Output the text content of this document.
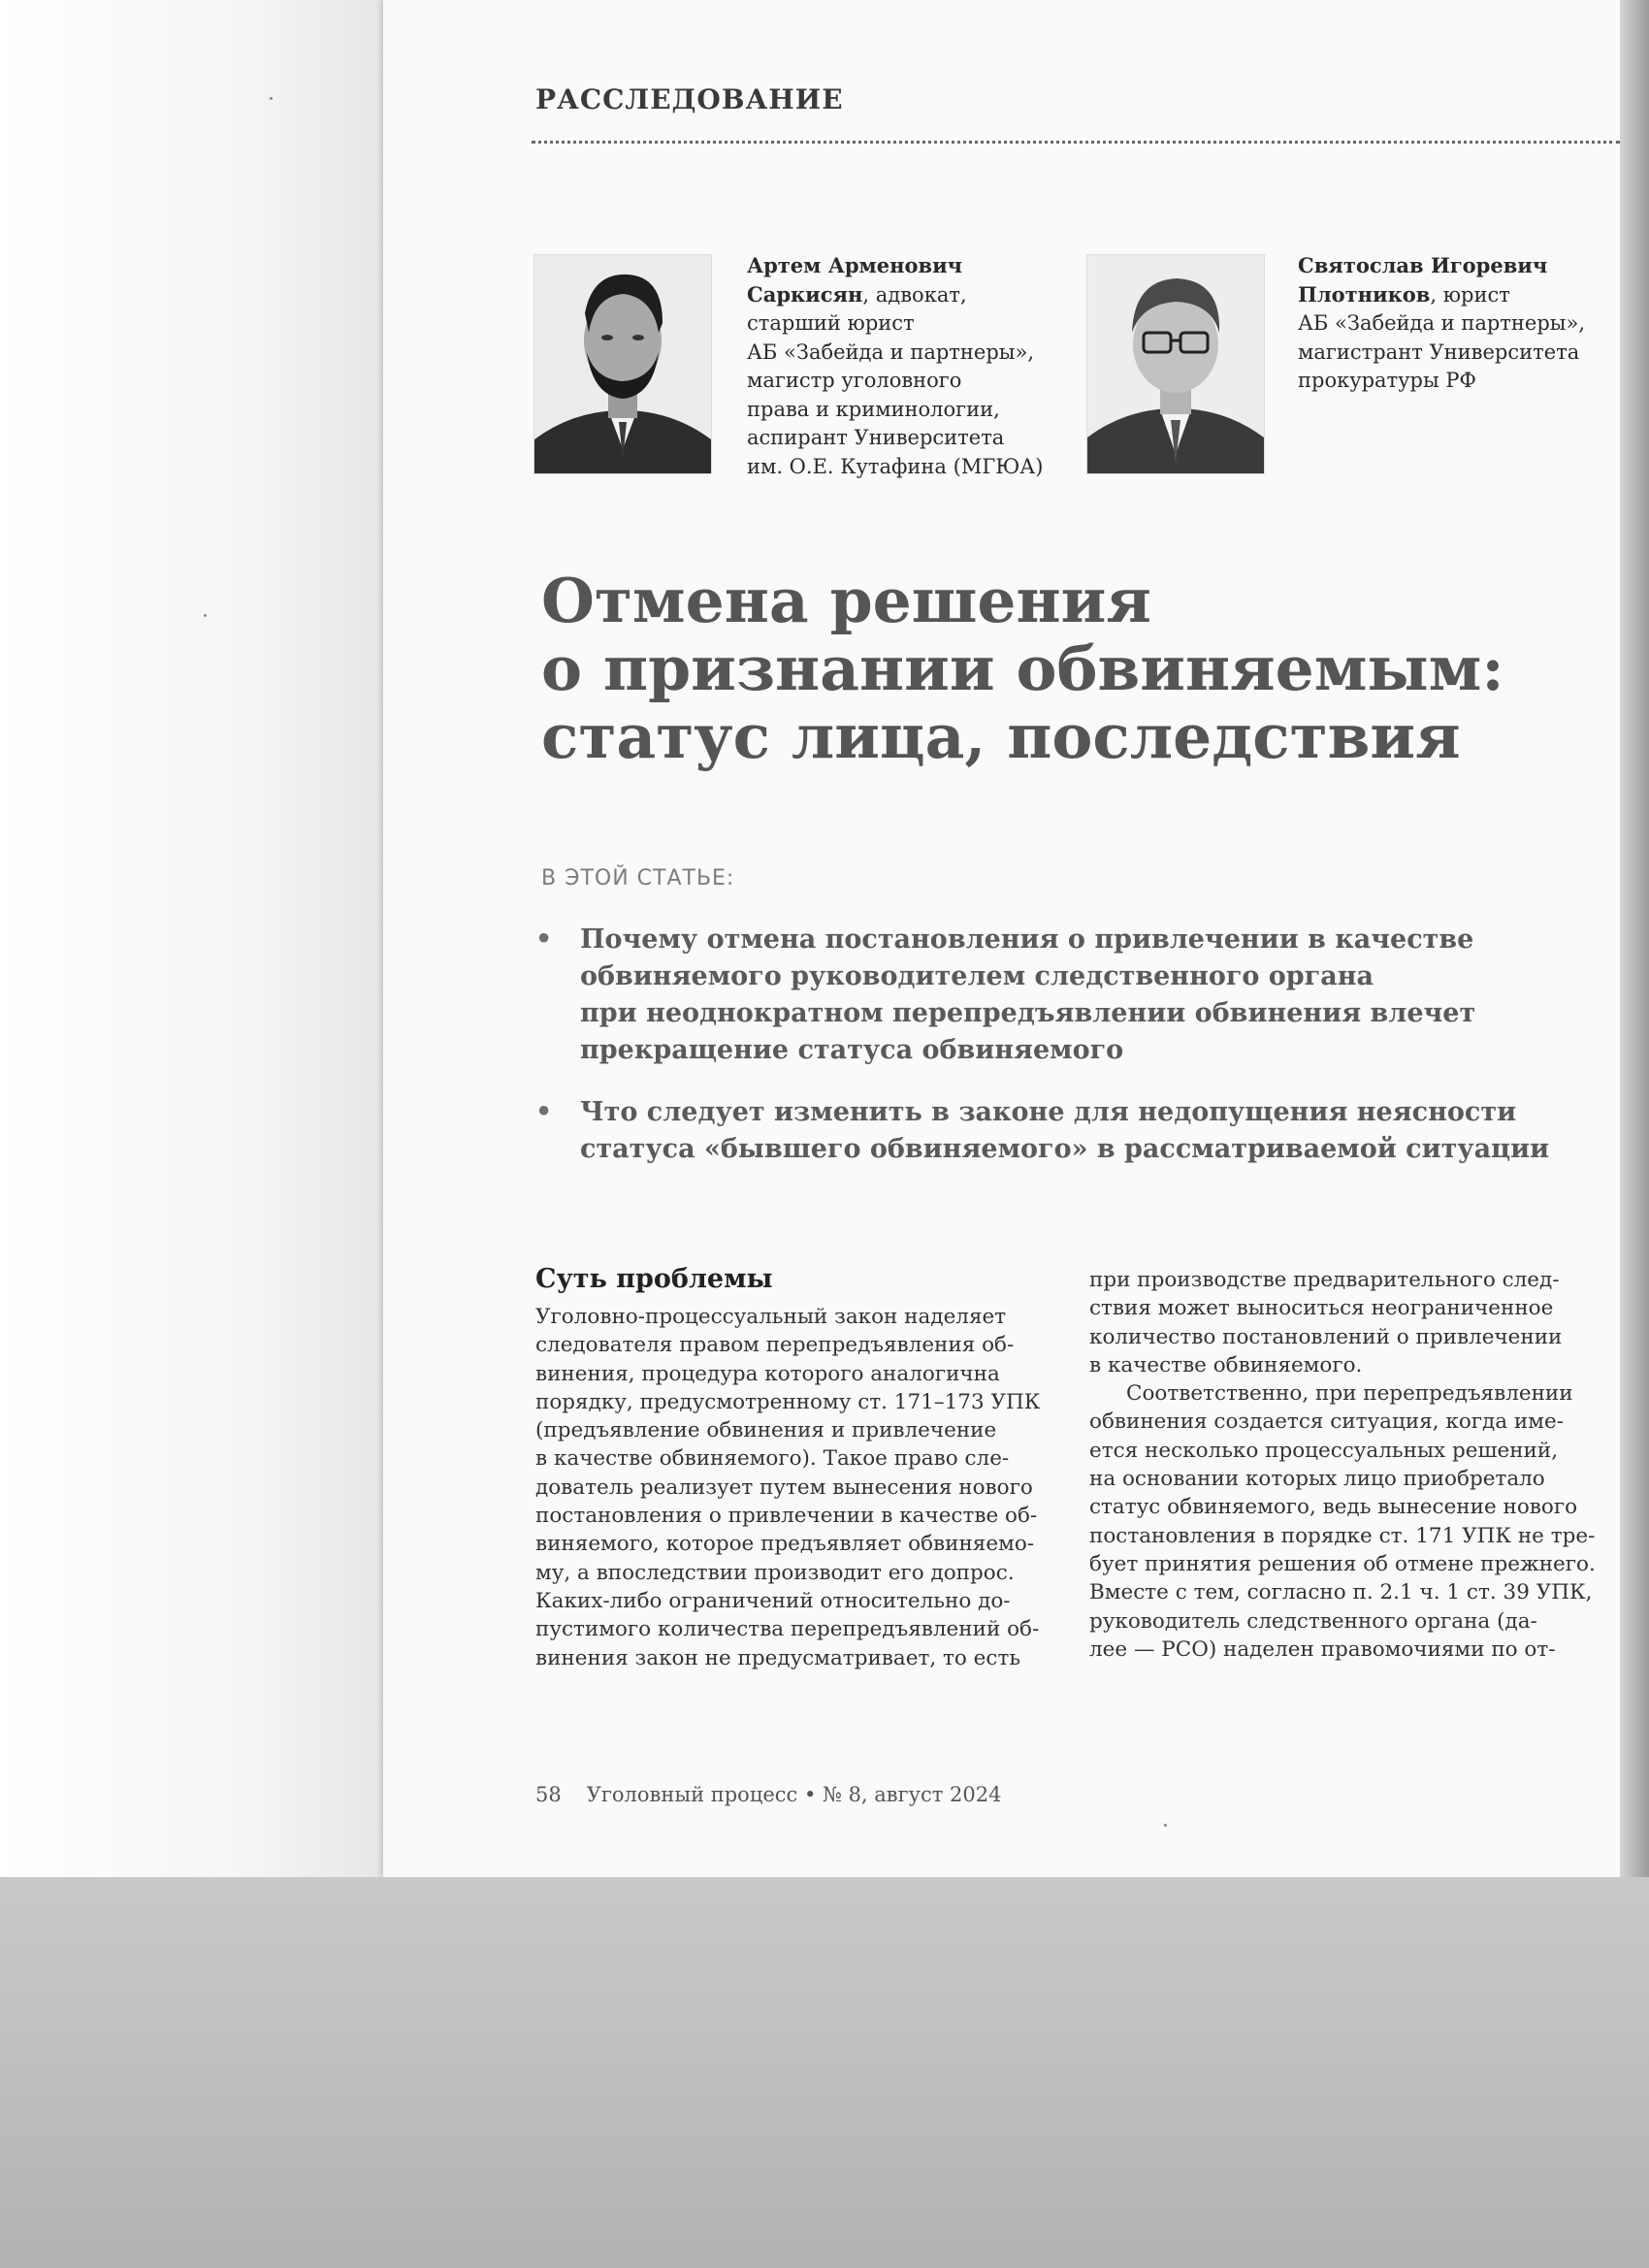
РАССЛЕДОВАНИЕ
Артем Арменович
Саркисян, адвокат,
старший юрист
АБ «Забейда и партнеры»,
магистр уголовного
права и криминологии,
аспирант Университета
им. О.Е. Кутафина (МГЮА)
Святослав Игоревич
Плотников, юрист
АБ «Забейда и партнеры»,
магистрант Университета
прокуратуры РФ
Отмена решения
о признании обвиняемым:
статус лица, последствия
В ЭТОЙ СТАТЬЕ:
• Почему отмена постановления о привлечении в качестве
обвиняемого руководителем следственного органа
при неоднократном перепредъявлении обвинения влечет
прекращение статуса обвиняемого
• Что следует изменить в законе для недопущения неясности
статуса «бывшего обвиняемого» в рассматриваемой ситуации
Суть проблемы
Уголовно-процессуальный закон наделяет
следователя правом перепредъявления об-
винения, процедура которого аналогична
порядку, предусмотренному ст. 171–173 УПК
(предъявление обвинения и привлечение
в качестве обвиняемого). Такое право сле-
дователь реализует путем вынесения нового
постановления о привлечении в качестве об-
виняемого, которое предъявляет обвиняемо-
му, а впоследствии производит его допрос.
Каких-либо ограничений относительно до-
пустимого количества перепредъявлений об-
винения закон не предусматривает, то есть
при производстве предварительного след-
ствия может выноситься неограниченное
количество постановлений о привлечении
в качестве обвиняемого.
Соответственно, при перепредъявлении
обвинения создается ситуация, когда име-
ется несколько процессуальных решений,
на основании которых лицо приобретало
статус обвиняемого, ведь вынесение нового
постановления в порядке ст. 171 УПК не тре-
бует принятия решения об отмене прежнего.
Вместе с тем, согласно п. 2.1 ч. 1 ст. 39 УПК,
руководитель следственного органа (да-
лее — РСО) наделен правомочиями по от-
58 Уголовный процесс • № 8, август 2024
